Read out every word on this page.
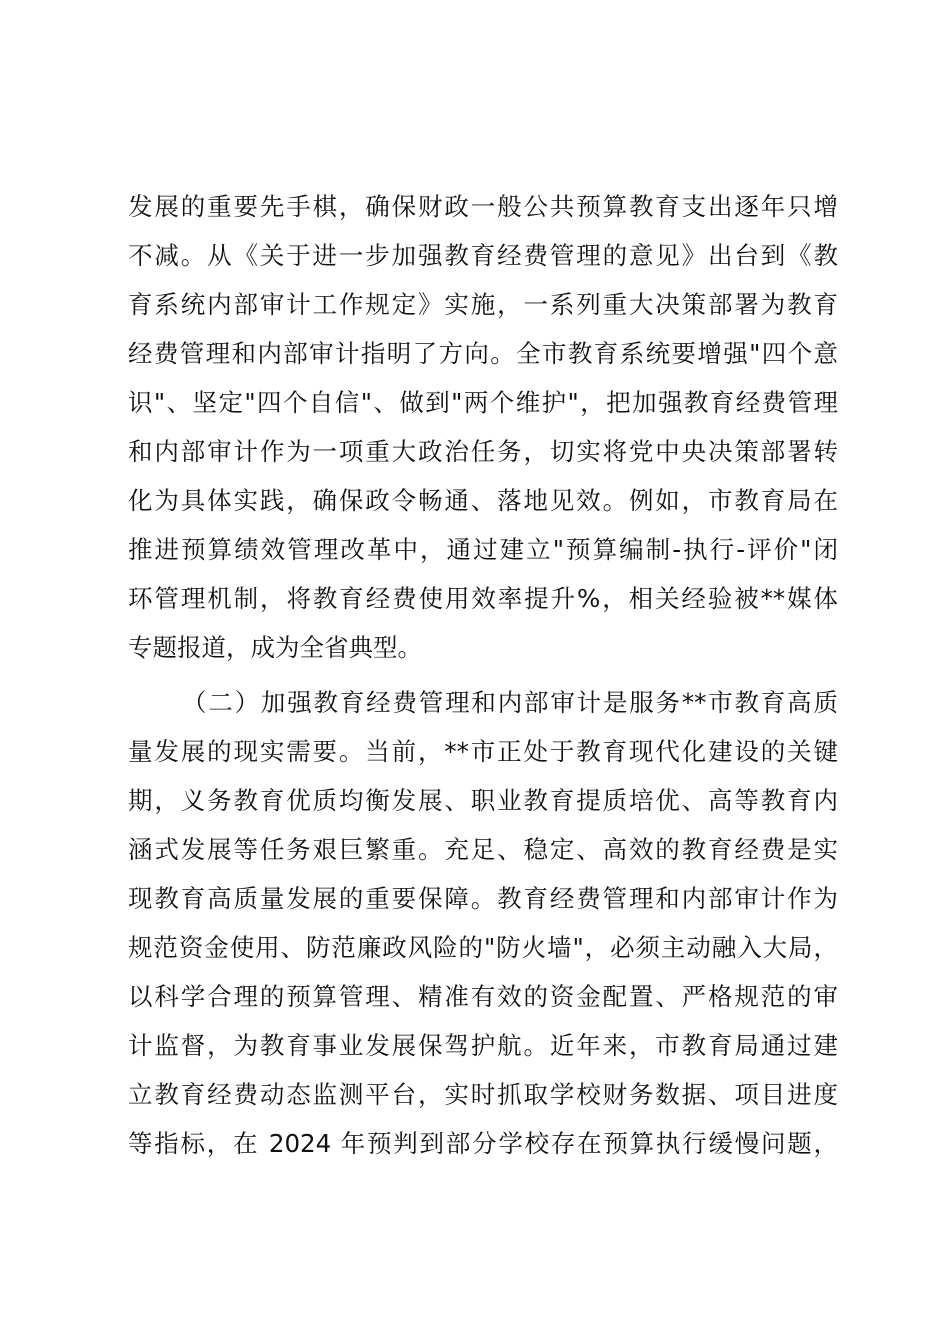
发展的重要先手棋，确保财政一般公共预算教育支出逐年只增
不减。从《关于进一步加强教育经费管理的意见》出台到《教
育系统内部审计工作规定》实施，一系列重大决策部署为教育
经费管理和内部审计指明了方向。全市教育系统要增强"四个意
识"、坚定"四个自信"、做到"两个维护"，把加强教育经费管理
和内部审计作为一项重大政治任务，切实将党中央决策部署转
化为具体实践，确保政令畅通、落地见效。例如，市教育局在
推进预算绩效管理改革中，通过建立"预算编制-执行-评价"闭
环管理机制，将教育经费使用效率提升%，相关经验被**媒体
专题报道，成为全省典型。
（二）加强教育经费管理和内部审计是服务**市教育高质
量发展的现实需要。当前，**市正处于教育现代化建设的关键
期，义务教育优质均衡发展、职业教育提质培优、高等教育内
涵式发展等任务艰巨繁重。充足、稳定、高效的教育经费是实
现教育高质量发展的重要保障。教育经费管理和内部审计作为
规范资金使用、防范廉政风险的"防火墙"，必须主动融入大局，
以科学合理的预算管理、精准有效的资金配置、严格规范的审
计监督，为教育事业发展保驾护航。近年来，市教育局通过建
立教育经费动态监测平台，实时抓取学校财务数据、项目进度
等指标，在 2024 年预判到部分学校存在预算执行缓慢问题，
